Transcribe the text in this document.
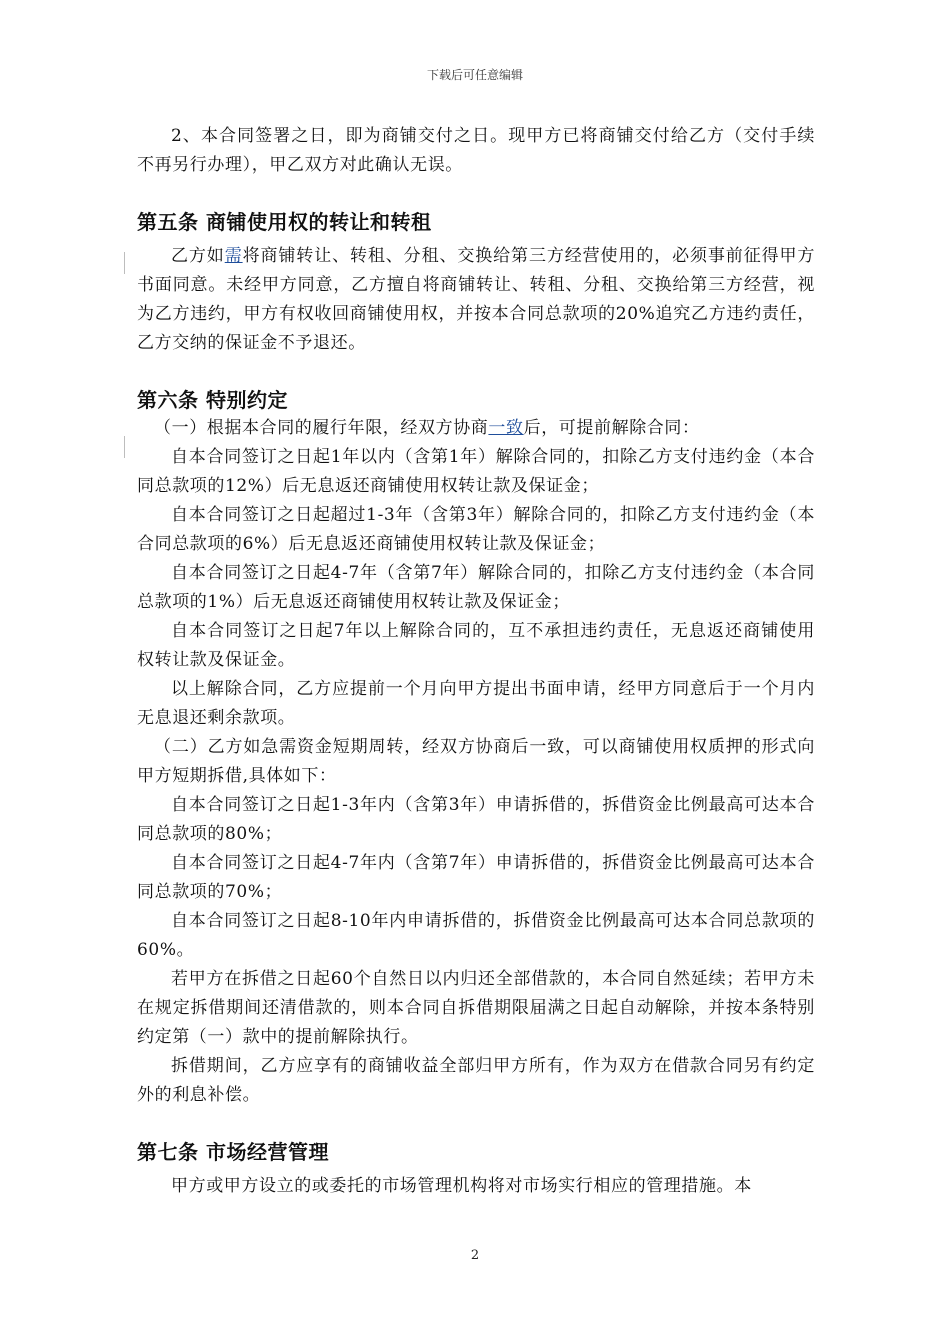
下载后可任意编辑

2、本合同签署之日，即为商铺交付之日。现甲方已将商铺交付给乙方（交付手续不再另行办理），甲乙双方对此确认无误。

第五条 商铺使用权的转让和转租

乙方如需将商铺转让、转租、分租、交换给第三方经营使用的，必须事前征得甲方书面同意。未经甲方同意，乙方擅自将商铺转让、转租、分租、交换给第三方经营，视为乙方违约，甲方有权收回商铺使用权，并按本合同总款项的20%追究乙方违约责任，乙方交纳的保证金不予退还。

第六条 特别约定

（一）根据本合同的履行年限，经双方协商一致后，可提前解除合同：

自本合同签订之日起1年以内（含第1年）解除合同的，扣除乙方支付违约金（本合同总款项的12%）后无息返还商铺使用权转让款及保证金；

自本合同签订之日起超过1-3年（含第3年）解除合同的，扣除乙方支付违约金（本合同总款项的6%）后无息返还商铺使用权转让款及保证金；

自本合同签订之日起4-7年（含第7年）解除合同的，扣除乙方支付违约金（本合同总款项的1%）后无息返还商铺使用权转让款及保证金；

自本合同签订之日起7年以上解除合同的，互不承担违约责任，无息返还商铺使用权转让款及保证金。

以上解除合同，乙方应提前一个月向甲方提出书面申请，经甲方同意后于一个月内无息退还剩余款项。

（二）乙方如急需资金短期周转，经双方协商后一致，可以商铺使用权质押的形式向甲方短期拆借,具体如下：

自本合同签订之日起1-3年内（含第3年）申请拆借的，拆借资金比例最高可达本合同总款项的80%；

自本合同签订之日起4-7年内（含第7年）申请拆借的，拆借资金比例最高可达本合同总款项的70%；

自本合同签订之日起8-10年内申请拆借的，拆借资金比例最高可达本合同总款项的60%。

若甲方在拆借之日起60个自然日以内归还全部借款的，本合同自然延续；若甲方未在规定拆借期间还清借款的，则本合同自拆借期限届满之日起自动解除，并按本条特别约定第（一）款中的提前解除执行。

拆借期间，乙方应享有的商铺收益全部归甲方所有，作为双方在借款合同另有约定外的利息补偿。

第七条 市场经营管理

甲方或甲方设立的或委托的市场管理机构将对市场实行相应的管理措施。本

2
